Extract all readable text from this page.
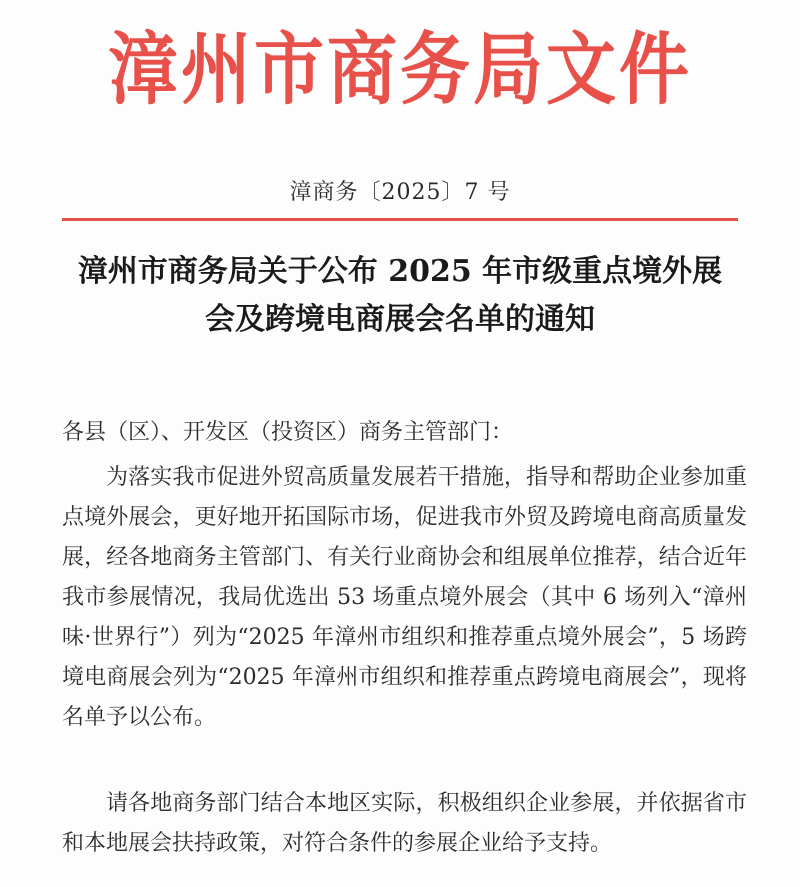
漳州市商务局文件
漳商务〔2025〕7 号
漳州市商务局关于公布 2025 年市级重点境外展
会及跨境电商展会名单的通知
各县（区）、开发区（投资区）商务主管部门：
为落实我市促进外贸高质量发展若干措施，指导和帮助企业参加重点境外展会，更好地开拓国际市场，促进我市外贸及跨境电商高质量发展，经各地商务主管部门、有关行业商协会和组展单位推荐，结合近年我市参展情况，我局优选出 53 场重点境外展会（其中 6 场列入“漳州味·世界行”）列为“2025 年漳州市组织和推荐重点境外展会”，5 场跨境电商展会列为“2025 年漳州市组织和推荐重点跨境电商展会”，现将名单予以公布。
请各地商务部门结合本地区实际，积极组织企业参展，并依据省市和本地展会扶持政策，对符合条件的参展企业给予支持。
